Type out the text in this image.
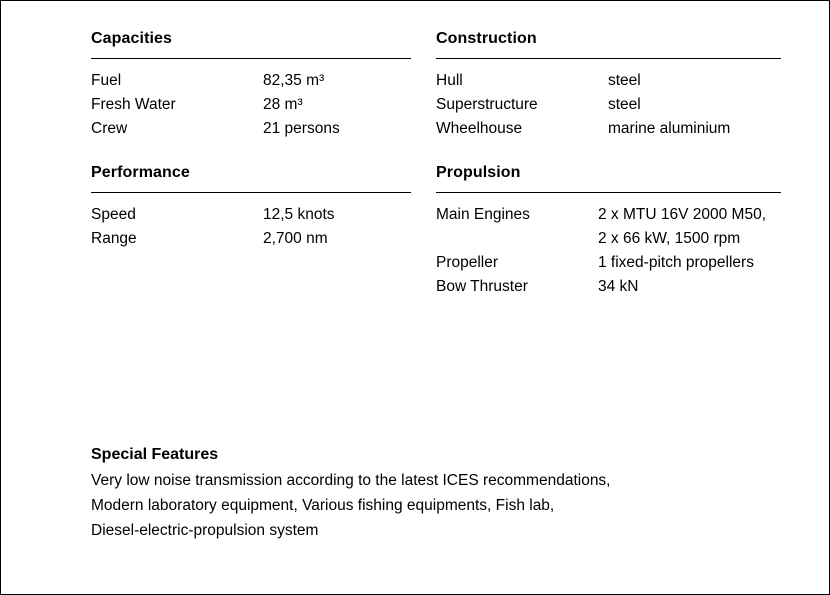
Capacities
Fuel	82,35 m³
Fresh Water	28 m³
Crew	21 persons
Performance
Speed	12,5 knots
Range	2,700 nm
Construction
Hull	steel
Superstructure	steel
Wheelhouse	marine aluminium
Propulsion
Main Engines	2 x MTU 16V 2000 M50,
	2 x 66 kW, 1500 rpm
Propeller	1 fixed-pitch propellers
Bow Thruster	34 kN
Special Features
Very low noise transmission according to the latest ICES recommendations,
Modern laboratory equipment, Various fishing equipments, Fish lab,
Diesel-electric-propulsion system
